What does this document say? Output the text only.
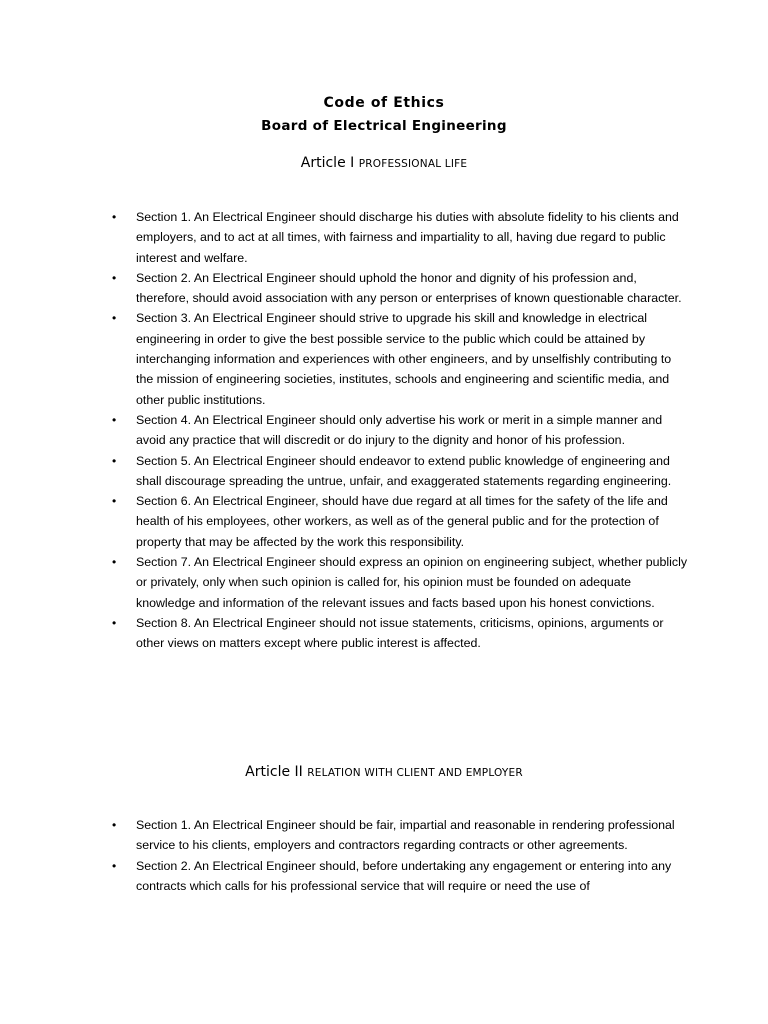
Code of Ethics
Board of Electrical Engineering
Article I PROFESSIONAL LIFE
• Section 1. An Electrical Engineer should discharge his duties with absolute fidelity to his clients and employers, and to act at all times, with fairness and impartiality to all, having due regard to public interest and welfare.
• Section 2. An Electrical Engineer should uphold the honor and dignity of his profession and, therefore, should avoid association with any person or enterprises of known questionable character.
• Section 3. An Electrical Engineer should strive to upgrade his skill and knowledge in electrical engineering in order to give the best possible service to the public which could be attained by interchanging information and experiences with other engineers, and by unselfishly contributing to the mission of engineering societies, institutes, schools and engineering and scientific media, and other public institutions.
• Section 4. An Electrical Engineer should only advertise his work or merit in a simple manner and avoid any practice that will discredit or do injury to the dignity and honor of his profession.
• Section 5. An Electrical Engineer should endeavor to extend public knowledge of engineering and shall discourage spreading the untrue, unfair, and exaggerated statements regarding engineering.
• Section 6. An Electrical Engineer, should have due regard at all times for the safety of the life and health of his employees, other workers, as well as of the general public and for the protection of property that may be affected by the work this responsibility.
• Section 7. An Electrical Engineer should express an opinion on engineering subject, whether publicly or privately, only when such opinion is called for, his opinion must be founded on adequate knowledge and information of the relevant issues and facts based upon his honest convictions.
• Section 8. An Electrical Engineer should not issue statements, criticisms, opinions, arguments or other views on matters except where public interest is affected.
Article II RELATION WITH CLIENT AND EMPLOYER
• Section 1. An Electrical Engineer should be fair, impartial and reasonable in rendering professional service to his clients, employers and contractors regarding contracts or other agreements.
• Section 2. An Electrical Engineer should, before undertaking any engagement or entering into any contracts which calls for his professional service that will require or need the use of
